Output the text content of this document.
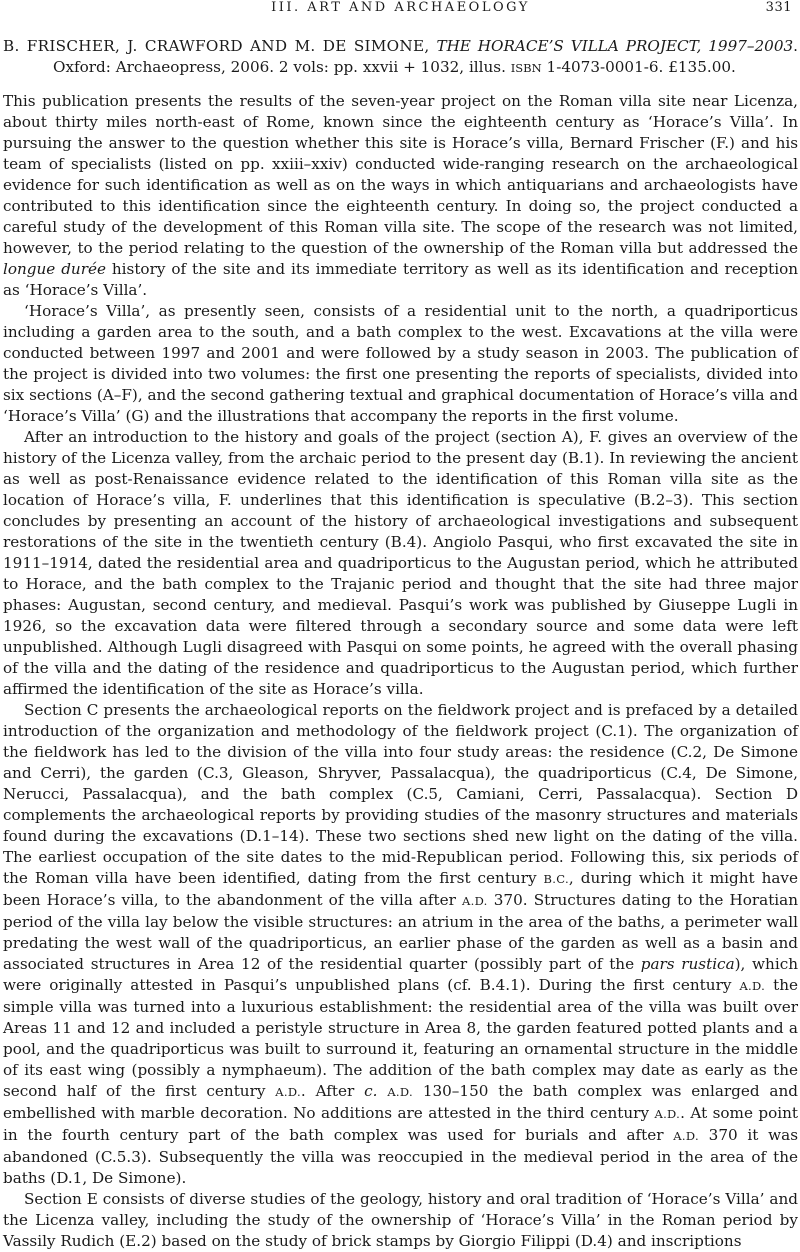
III. ART AND ARCHAEOLOGY	331
B. FRISCHER, J. CRAWFORD AND M. DE SIMONE, THE HORACE’S VILLA PROJECT, 1997–2003. Oxford: Archaeopress, 2006. 2 vols: pp. xxvii + 1032, illus. ISBN 1-4073-0001-6. £135.00.

This publication presents the results of the seven-year project on the Roman villa site near Licenza, about thirty miles north-east of Rome, known since the eighteenth century as ‘Horace’s Villa’. In pursuing the answer to the question whether this site is Horace’s villa, Bernard Frischer (F.) and his team of specialists (listed on pp. xxiii–xxiv) conducted wide-ranging research on the archaeological evidence for such identification as well as on the ways in which antiquarians and archaeologists have contributed to this identification since the eighteenth century. In doing so, the project conducted a careful study of the development of this Roman villa site. The scope of the research was not limited, however, to the period relating to the question of the ownership of the Roman villa but addressed the longue durée history of the site and its immediate territory as well as its identification and reception as ‘Horace’s Villa’.

‘Horace’s Villa’, as presently seen, consists of a residential unit to the north, a quadriporticus including a garden area to the south, and a bath complex to the west. Excavations at the villa were conducted between 1997 and 2001 and were followed by a study season in 2003. The publication of the project is divided into two volumes: the first one presenting the reports of specialists, divided into six sections (A–F), and the second gathering textual and graphical documentation of Horace’s villa and ‘Horace’s Villa’ (G) and the illustrations that accompany the reports in the first volume.

After an introduction to the history and goals of the project (section A), F. gives an overview of the history of the Licenza valley, from the archaic period to the present day (B.1). In reviewing the ancient as well as post-Renaissance evidence related to the identification of this Roman villa site as the location of Horace’s villa, F. underlines that this identification is speculative (B.2–3). This section concludes by presenting an account of the history of archaeological investigations and subsequent restorations of the site in the twentieth century (B.4). Angiolo Pasqui, who first excavated the site in 1911–1914, dated the residential area and quadriporticus to the Augustan period, which he attributed to Horace, and the bath complex to the Trajanic period and thought that the site had three major phases: Augustan, second century, and medieval. Pasqui’s work was published by Giuseppe Lugli in 1926, so the excavation data were filtered through a secondary source and some data were left unpublished. Although Lugli disagreed with Pasqui on some points, he agreed with the overall phasing of the villa and the dating of the residence and quadriporticus to the Augustan period, which further affirmed the identification of the site as Horace’s villa.

Section C presents the archaeological reports on the fieldwork project and is prefaced by a detailed introduction of the organization and methodology of the fieldwork project (C.1). The organization of the fieldwork has led to the division of the villa into four study areas: the residence (C.2, De Simone and Cerri), the garden (C.3, Gleason, Shryver, Passalacqua), the quadriporticus (C.4, De Simone, Nerucci, Passalacqua), and the bath complex (C.5, Camiani, Cerri, Passalacqua). Section D complements the archaeological reports by providing studies of the masonry structures and materials found during the excavations (D.1–14). These two sections shed new light on the dating of the villa. The earliest occupation of the site dates to the mid-Republican period. Following this, six periods of the Roman villa have been identified, dating from the first century B.C., during which it might have been Horace’s villa, to the abandonment of the villa after A.D. 370. Structures dating to the Horatian period of the villa lay below the visible structures: an atrium in the area of the baths, a perimeter wall predating the west wall of the quadriporticus, an earlier phase of the garden as well as a basin and associated structures in Area 12 of the residential quarter (possibly part of the pars rustica), which were originally attested in Pasqui’s unpublished plans (cf. B.4.1). During the first century A.D. the simple villa was turned into a luxurious establishment: the residential area of the villa was built over Areas 11 and 12 and included a peristyle structure in Area 8, the garden featured potted plants and a pool, and the quadriporticus was built to surround it, featuring an ornamental structure in the middle of its east wing (possibly a nymphaeum). The addition of the bath complex may date as early as the second half of the first century A.D.. After c. A.D. 130–150 the bath complex was enlarged and embellished with marble decoration. No additions are attested in the third century A.D.. At some point in the fourth century part of the bath complex was used for burials and after A.D. 370 it was abandoned (C.5.3). Subsequently the villa was reoccupied in the medieval period in the area of the baths (D.1, De Simone).

Section E consists of diverse studies of the geology, history and oral tradition of ‘Horace’s Villa’ and the Licenza valley, including the study of the ownership of ‘Horace’s Villa’ in the Roman period by Vassily Rudich (E.2) based on the study of brick stamps by Giorgio Filippi (D.4) and inscriptions
